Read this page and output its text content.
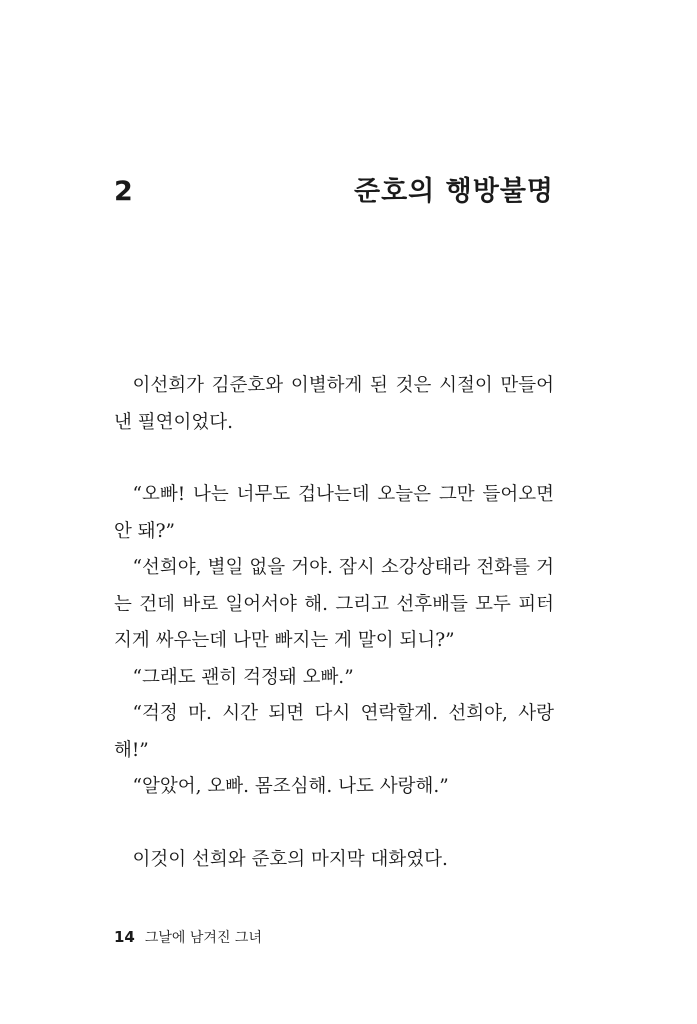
2	준호의 행방불명

이선희가 김준호와 이별하게 된 것은 시절이 만들어낸 필연이었다.

“오빠! 나는 너무도 겁나는데 오늘은 그만 들어오면 안 돼?”

“선희야, 별일 없을 거야. 잠시 소강상태라 전화를 거는 건데 바로 일어서야 해. 그리고 선후배들 모두 피터지게 싸우는데 나만 빠지는 게 말이 되니?”

“그래도 괜히 걱정돼 오빠.”

“걱정 마. 시간 되면 다시 연락할게. 선희야, 사랑해!”

“알았어, 오빠. 몸조심해. 나도 사랑해.”

이것이 선희와 준호의 마지막 대화였다.

14 그날에 남겨진 그녀
